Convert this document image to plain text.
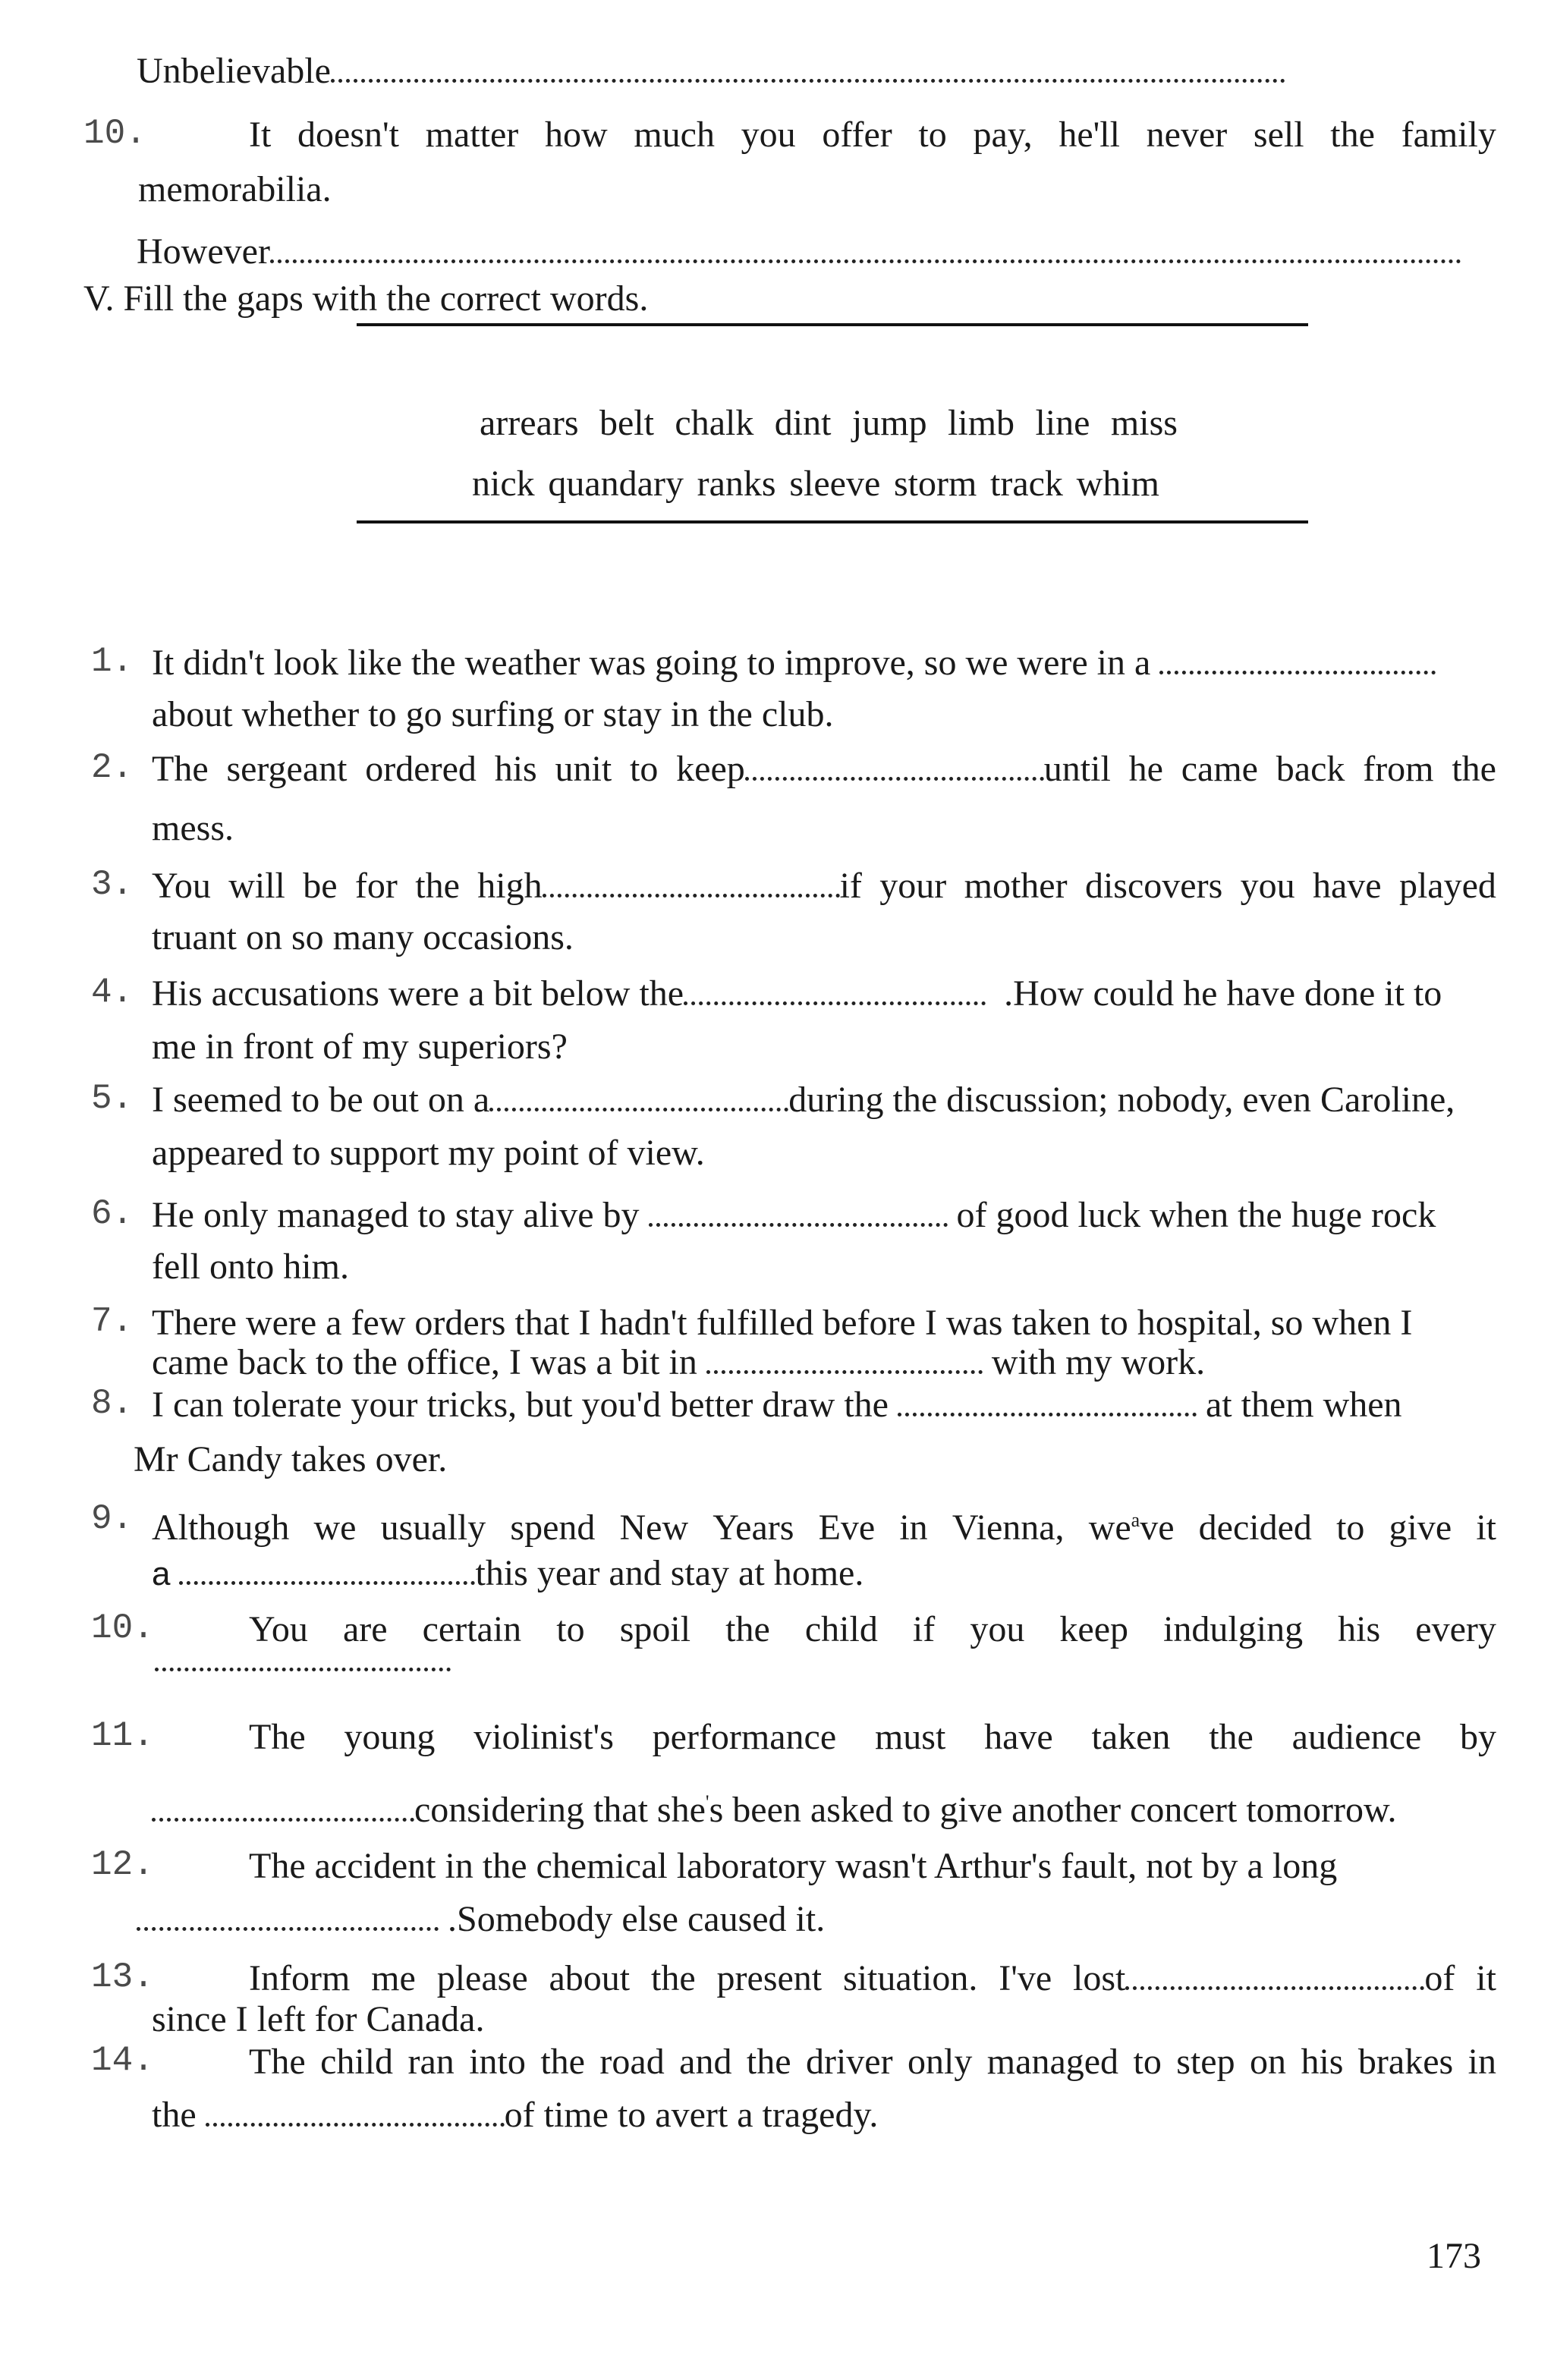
Unbelievable
10.	It doesn't matter how much you offer to pay, he'll never sell the family
memorabilia.
However
V. Fill the gaps with the correct words.
arrears belt chalk dint jump limb line miss
nick quandary ranks sleeve storm track whim
1. It didn't look like the weather was going to improve, so we were in a
about whether to go surfing or stay in the club.
2. The sergeant ordered his unit to keep	until he came back from the
mess.
3. You will be for the high	if your mother discovers you have played
truant on so many occasions.
4. His accusations were a bit below the	.How could he have done it to
me in front of my superiors?
5. I seemed to be out on a	during the discussion; nobody, even Caroline,
appeared to support my point of view.
6. He only managed to stay alive by	of good luck when the huge rock
fell onto him.
7. There were a few orders that I hadn't fulfilled before I was taken to hospital, so when I
came back to the office, I was a bit in	with my work.
8. I can tolerate your tricks, but you'd better draw the	at them when
Mr Candy takes over.
9. Although we usually spend New Years Eve in Vienna, $we^ave$ decided to give it
a	this year and stay at home.
10.	You are certain to spoil the child if you keep indulging his every
11.	The young violinist's performance must have taken the audience by
considering that she's been asked to give another concert tomorrow.
12.	The accident in the chemical laboratory wasn't Arthur's fault, not by a long
.Somebody else caused it.
13.	Inform me please about the present situation. I've lost	of it
since I left for Canada.
14.	The child ran into the road and the driver only managed to step on his brakes in
the	of time to avert a tragedy.
173
